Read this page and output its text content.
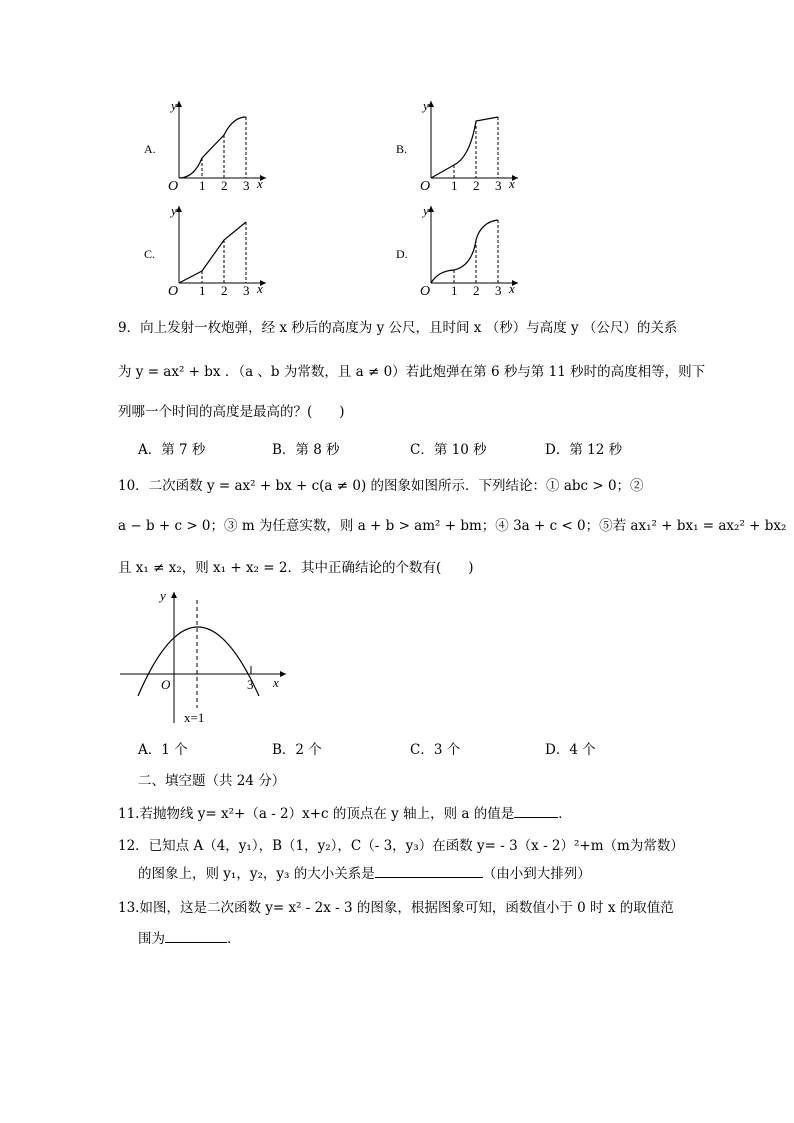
A.
O 1 2 3 x
y
B.
O 1 2 3 x
y
C.
O 1 2 3 x
y
D.
O 1 2 3 x
y
9．向上发射一枚炮弹，经 x 秒后的高度为 y 公尺，且时间 x （秒）与高度 y （公尺）的关系
为 y = ax² + bx ．（a 、b 为常数，且 a ≠ 0）若此炮弹在第 6 秒与第 11 秒时的高度相等，则下
列哪一个时间的高度是最高的？(　　)
A．第 7 秒	B．第 8 秒	C．第 10 秒	D．第 12 秒
10．二次函数 y = ax² + bx + c(a ≠ 0) 的图象如图所示．下列结论：① abc > 0；②
a − b + c > 0；③ m 为任意实数，则 a + b > am² + bm；④ 3a + c < 0；⑤若 ax₁² + bx₁ = ax₂² + bx₂
且 x₁ ≠ x₂，则 x₁ + x₂ = 2．其中正确结论的个数有(　　)
O	3 x
y
x=1
A．1 个	B．2 个	C．3 个	D．4 个
二、填空题（共 24 分）
11.若抛物线 y= x²+（a - 2）x+c 的顶点在 y 轴上，则 a 的值是	．
12．已知点 A（4，y₁），B（1，y₂），C（- 3，y₃）在函数 y= - 3（x - 2）²+m（m为常数）
的图象上，则 y₁，y₂，y₃ 的大小关系是	（由小到大排列）
13.如图，这是二次函数 y= x² - 2x - 3 的图象，根据图象可知，函数值小于 0 时 x 的取值范
围为	．
